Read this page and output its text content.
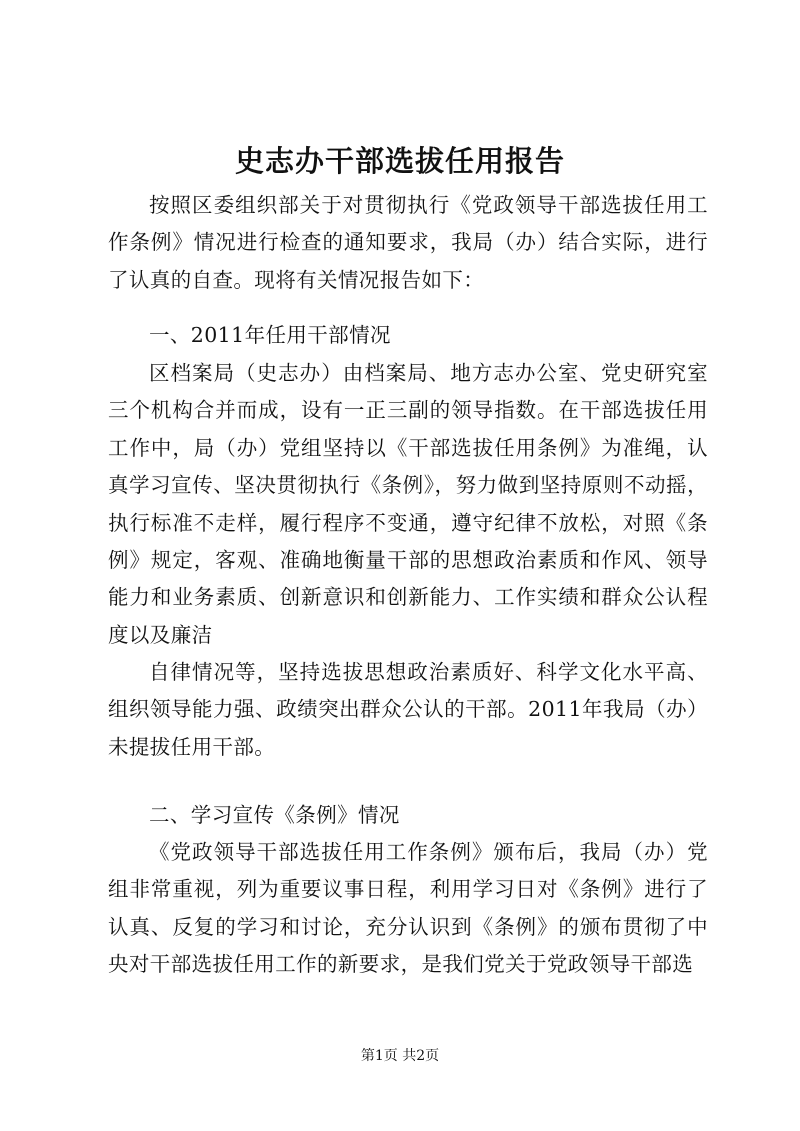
史志办干部选拔任用报告

按照区委组织部关于对贯彻执行《党政领导干部选拔任用工作条例》情况进行检查的通知要求，我局（办）结合实际，进行了认真的自查。现将有关情况报告如下：

一、2011年任用干部情况

区档案局（史志办）由档案局、地方志办公室、党史研究室三个机构合并而成，设有一正三副的领导指数。在干部选拔任用工作中，局（办）党组坚持以《干部选拔任用条例》为准绳，认真学习宣传、坚决贯彻执行《条例》，努力做到坚持原则不动摇，执行标准不走样，履行程序不变通，遵守纪律不放松，对照《条例》规定，客观、准确地衡量干部的思想政治素质和作风、领导能力和业务素质、创新意识和创新能力、工作实绩和群众公认程度以及廉洁

自律情况等，坚持选拔思想政治素质好、科学文化水平高、组织领导能力强、政绩突出群众公认的干部。2011年我局（办）未提拔任用干部。

二、学习宣传《条例》情况

《党政领导干部选拔任用工作条例》颁布后，我局（办）党组非常重视，列为重要议事日程，利用学习日对《条例》进行了认真、反复的学习和讨论，充分认识到《条例》的颁布贯彻了中央对干部选拔任用工作的新要求，是我们党关于党政领导干部选

第1页 共2页
